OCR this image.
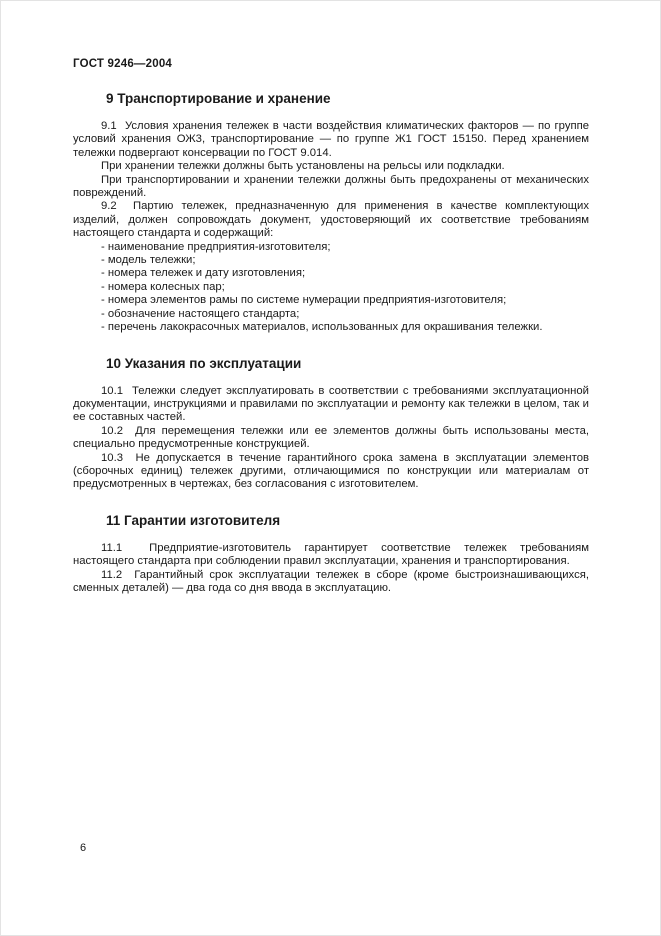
ГОСТ 9246—2004
9 Транспортирование и хранение

9.1  Условия хранения тележек в части воздействия климатических факторов — по группе условий хранения ОЖ3, транспортирование — по группе Ж1 ГОСТ 15150. Перед хранением тележки подвергают консервации по ГОСТ 9.014.

При хранении тележки должны быть установлены на рельсы или подкладки.

При транспортировании и хранении тележки должны быть предохранены от механических повреждений.

9.2  Партию тележек, предназначенную для применения в качестве комплектующих изделий, должен сопровождать документ, удостоверяющий их соответствие требованиям настоящего стандарта и содержащий:

- наименование предприятия-изготовителя;

- модель тележки;

- номера тележек и дату изготовления;

- номера колесных пар;

- номера элементов рамы по системе нумерации предприятия-изготовителя;

- обозначение настоящего стандарта;

- перечень лакокрасочных материалов, использованных для окрашивания тележки.

10 Указания по эксплуатации

10.1  Тележки следует эксплуатировать в соответствии с требованиями эксплуатационной документации, инструкциями и правилами по эксплуатации и ремонту как тележки в целом, так и ее составных частей.

10.2  Для перемещения тележки или ее элементов должны быть использованы места, специально предусмотренные конструкцией.

10.3  Не допускается в течение гарантийного срока замена в эксплуатации элементов (сборочных единиц) тележек другими, отличающимися по конструкции или материалам от предусмотренных в чертежах, без согласования с изготовителем.

11 Гарантии изготовителя

11.1  Предприятие-изготовитель гарантирует соответствие тележек требованиям настоящего стандарта при соблюдении правил эксплуатации, хранения и транспортирования.

11.2  Гарантийный срок эксплуатации тележек в сборе (кроме быстроизнашивающихся, сменных деталей) — два года со дня ввода в эксплуатацию.

6
